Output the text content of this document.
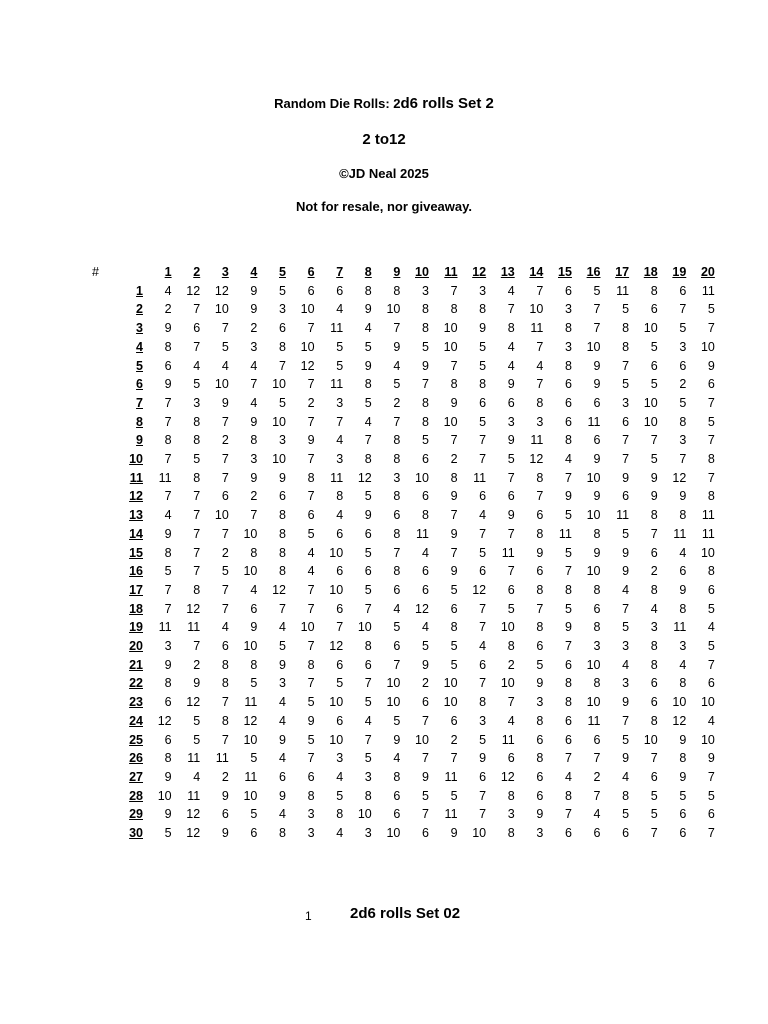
Random Die Rolls: 2d6 rolls Set 2
2 to12
©JD Neal 2025
Not for resale, nor giveaway.
#		1	2	3	4	5	6	7	8	9	10	11	12	13	14	15	16	17	18	19	20
	1	4	12	12	9	5	6	6	8	8	3	7	3	4	7	6	5	11	8	6	11
	2	2	7	10	9	3	10	4	9	10	8	8	8	7	10	3	7	5	6	7	5
	3	9	6	7	2	6	7	11	4	7	8	10	9	8	11	8	7	8	10	5	7
	4	8	7	5	3	8	10	5	5	9	5	10	5	4	7	3	10	8	5	3	10
	5	6	4	4	4	7	12	5	9	4	9	7	5	4	4	8	9	7	6	6	9
	6	9	5	10	7	10	7	11	8	5	7	8	8	9	7	6	9	5	5	2	6
	7	7	3	9	4	5	2	3	5	2	8	9	6	6	8	6	6	3	10	5	7
	8	7	8	7	9	10	7	7	4	7	8	10	5	3	3	6	11	6	10	8	5
	9	8	8	2	8	3	9	4	7	8	5	7	7	9	11	8	6	7	7	3	7
	10	7	5	7	3	10	7	3	8	8	6	2	7	5	12	4	9	7	5	7	8
	11	11	8	7	9	9	8	11	12	3	10	8	11	7	8	7	10	9	9	12	7
	12	7	7	6	2	6	7	8	5	8	6	9	6	6	7	9	9	6	9	9	8
	13	4	7	10	7	8	6	4	9	6	8	7	4	9	6	5	10	11	8	8	11
	14	9	7	7	10	8	5	6	6	8	11	9	7	7	8	11	8	5	7	11	11
	15	8	7	2	8	8	4	10	5	7	4	7	5	11	9	5	9	9	6	4	10
	16	5	7	5	10	8	4	6	6	8	6	9	6	7	6	7	10	9	2	6	8
	17	7	8	7	4	12	7	10	5	6	6	5	12	6	8	8	8	4	8	9	6
	18	7	12	7	6	7	7	6	7	4	12	6	7	5	7	5	6	7	4	8	5
	19	11	11	4	9	4	10	7	10	5	4	8	7	10	8	9	8	5	3	11	4
	20	3	7	6	10	5	7	12	8	6	5	5	4	8	6	7	3	3	8	3	5
	21	9	2	8	8	9	8	6	6	7	9	5	6	2	5	6	10	4	8	4	7
	22	8	9	8	5	3	7	5	7	10	2	10	7	10	9	8	8	3	6	8	6
	23	6	12	7	11	4	5	10	5	10	6	10	8	7	3	8	10	9	6	10	10
	24	12	5	8	12	4	9	6	4	5	7	6	3	4	8	6	11	7	8	12	4
	25	6	5	7	10	9	5	10	7	9	10	2	5	11	6	6	6	5	10	9	10
	26	8	11	11	5	4	7	3	5	4	7	7	9	6	8	7	7	9	7	8	9
	27	9	4	2	11	6	6	4	3	8	9	11	6	12	6	4	2	4	6	9	7
	28	10	11	9	10	9	8	5	8	6	5	5	7	8	6	8	7	8	5	5	5
	29	9	12	6	5	4	3	8	10	6	7	11	7	3	9	7	4	5	5	6	6
	30	5	12	9	6	8	3	4	3	10	6	9	10	8	3	6	6	6	7	6	7
1	2d6 rolls Set 02
